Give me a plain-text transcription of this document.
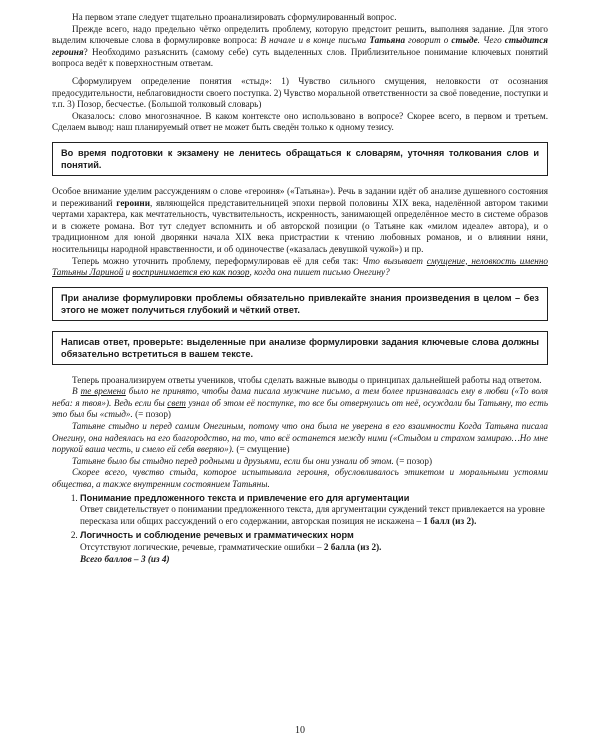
На первом этапе следует тщательно проанализировать сформулированный вопрос.

Прежде всего, надо предельно чётко определить проблему, которую предстоит решить, выполняя задание. Для этого выделим ключевые слова в формулировке вопроса: В начале и в конце письма Татьяна говорит о стыде. Чего стыдится героиня? Необходимо разъяснить (самому себе) суть выделенных слов. Приблизительное понимание ключевых понятий вопроса ведёт к поверхностным ответам.

Сформулируем определение понятия «стыд»: 1) Чувство сильного смущения, неловкости от осознания предосудительности, неблаговидности своего поступка. 2) Чувство моральной ответственности за своё поведение, поступки и т.п. 3) Позор, бесчестье. (Большой толковый словарь)

Оказалось: слово многозначное. В каком контексте оно использовано в вопросе? Скорее всего, в первом и третьем. Сделаем вывод: наш планируемый ответ не может быть сведён только к одному тезису.

Во время подготовки к экзамену не ленитесь обращаться к словарям, уточняя толкования слов и понятий.

Особое внимание уделим рассуждениям о слове «героиня» («Татьяна»). Речь в задании идёт об анализе душевного состояния и переживаний героини, являющейся представительницей эпохи первой половины XIX века, наделённой автором такими чертами характера, как мечтательность, чувствительность, искренность, занимающей определённое место в системе образов и в сюжете романа. Вот тут следует вспомнить и об авторской позиции (о Татьяне как «милом идеале» автора), и о традиционном для юной дворянки начала XIX века пристрастии к чтению любовных романов, и о влиянии няни, носительницы народной нравственности, и об одиночестве («казалась девушкой чужой») и пр.

Теперь можно уточнить проблему, переформулировав её для себя так: Что вызывает смущение, неловкость именно Татьяны Лариной и воспринимается ею как позор, когда она пишет письмо Онегину?

При анализе формулировки проблемы обязательно привлекайте знания произведения в целом – без этого не может получиться глубокий и чёткий ответ.

Написав ответ, проверьте: выделенные при анализе формулировки задания ключевые слова должны обязательно встретиться в вашем тексте.

Теперь проанализируем ответы учеников, чтобы сделать важные выводы о принципах дальнейшей работы над ответом.

В те времена было не принято, чтобы дама писала мужчине письмо, а тем более признавалась ему в любви («То воля неба: я твоя»). Ведь если бы свет узнал об этом её поступке, то все бы отвернулись от неё, осуждали бы Татьяну, то есть это был бы «стыд». (= позор)

Татьяне стыдно и перед самим Онегиным, потому что она была не уверена в его взаимности Когда Татьяна писала Онегину, она надеялась на его благородство, на то, что всё останется между ними («Стыдом и страхом замираю…Но мне порукой ваша честь, и смело ей себя вверяю»). (= смущение)

Татьяне было бы стыдно перед родными и друзьями, если бы они узнали об этом. (= позор)

Скорее всего, чувство стыда, которое испытывала героиня, обусловливалось этикетом и моральными устоями общества, а также внутренним состоянием Татьяны.

1. Понимание предложенного текста и привлечение его для аргументации
Ответ свидетельствует о понимании предложенного текста, для аргументации суждений текст привлекается на уровне пересказа или общих рассуждений о его содержании, авторская позиция не искажена – 1 балл (из 2).
2. Логичность и соблюдение речевых и грамматических норм
Отсутствуют логические, речевые, грамматические ошибки – 2 балла (из 2).
Всего баллов – 3 (из 4)
10
